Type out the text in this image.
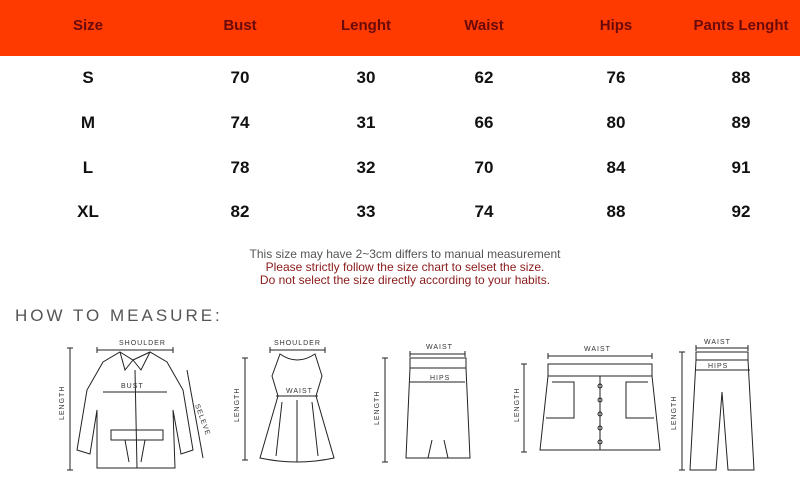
Size	Bust	Lenght	Waist	Hips	Pants Lenght
S	70	30	62	76	88
M	74	31	66	80	89
L	78	32	70	84	91
XL	82	33	74	88	92
This size may have 2~3cm differs to manual measurement
Please strictly follow the size chart to selset the size.
Do not select the size directly according to your habits.
HOW TO MEASURE:
SHOULDER
BUST
LENGTH
SELEVE
SHOULDER
WAIST
LENGTH
WAIST
HIPS
LENGTH
WAIST
LENGTH
WAIST
HIPS
LENGTH
